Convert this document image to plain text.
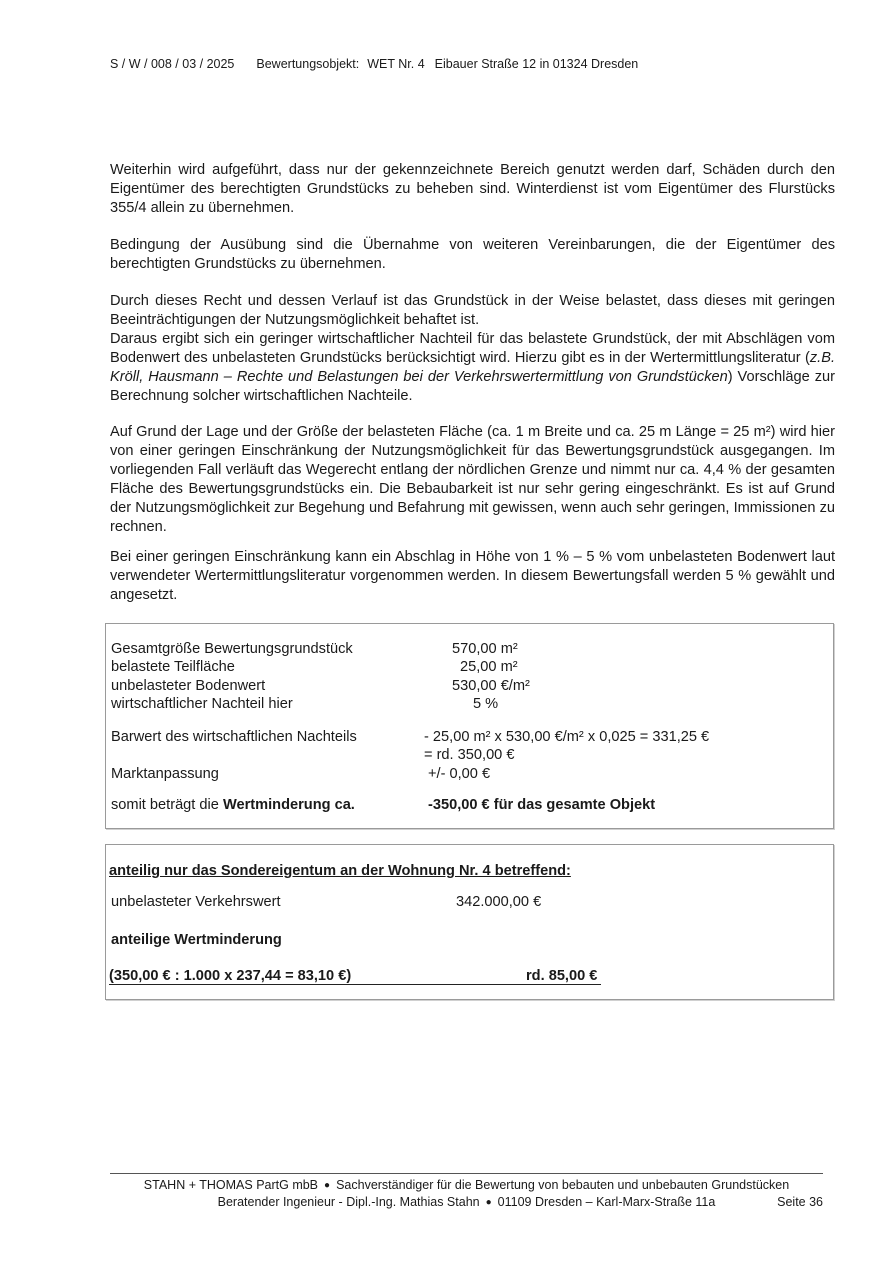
S / W / 008 / 03 / 2025 Bewertungsobjekt: WET Nr. 4 Eibauer Straße 12 in 01324 Dresden
Weiterhin wird aufgeführt, dass nur der gekennzeichnete Bereich genutzt werden darf, Schäden durch den Eigentümer des berechtigten Grundstücks zu beheben sind. Winterdienst ist vom Eigentümer des Flurstücks 355/4 allein zu übernehmen.
Bedingung der Ausübung sind die Übernahme von weiteren Vereinbarungen, die der Eigentümer des berechtigten Grundstücks zu übernehmen.
Durch dieses Recht und dessen Verlauf ist das Grundstück in der Weise belastet, dass dieses mit geringen Beeinträchtigungen der Nutzungsmöglichkeit behaftet ist.
Daraus ergibt sich ein geringer wirtschaftlicher Nachteil für das belastete Grundstück, der mit Abschlägen vom Bodenwert des unbelasteten Grundstücks berücksichtigt wird. Hierzu gibt es in der Wertermittlungsliteratur (z.B. Kröll, Hausmann – Rechte und Belastungen bei der Verkehrswertermittlung von Grundstücken) Vorschläge zur Berechnung solcher wirtschaftlichen Nachteile.
Auf Grund der Lage und der Größe der belasteten Fläche (ca. 1 m Breite und ca. 25 m Länge = 25 m²) wird hier von einer geringen Einschränkung der Nutzungsmöglichkeit für das Bewertungsgrundstück ausgegangen. Im vorliegenden Fall verläuft das Wegerecht entlang der nördlichen Grenze und nimmt nur ca. 4,4 % der gesamten Fläche des Bewertungsgrundstücks ein. Die Bebaubarkeit ist nur sehr gering eingeschränkt. Es ist auf Grund der Nutzungsmöglichkeit zur Begehung und Befahrung mit gewissen, wenn auch sehr geringen, Immissionen zu rechnen.
Bei einer geringen Einschränkung kann ein Abschlag in Höhe von 1 % – 5 % vom unbelasteten Bodenwert laut verwendeter Wertermittlungsliteratur vorgenommen werden. In diesem Bewertungsfall werden 5 % gewählt und angesetzt.
Gesamtgröße Bewertungsgrundstück	570,00 m²
belastete Teilfläche	25,00 m²
unbelasteter Bodenwert	530,00 €/m²
wirtschaftlicher Nachteil hier	5 %
Barwert des wirtschaftlichen Nachteils	- 25,00 m² x 530,00 €/m² x 0,025 = 331,25 €
= rd. 350,00 €
Marktanpassung	+/- 0,00 €
somit beträgt die Wertminderung ca.	-350,00 € für das gesamte Objekt
anteilig nur das Sondereigentum an der Wohnung Nr. 4 betreffend:
unbelasteter Verkehrswert	342.000,00 €
anteilige Wertminderung
(350,00 € : 1.000 x 237,44 = 83,10 €)	rd. 85,00 €
STAHN + THOMAS PartG mbB ● Sachverständiger für die Bewertung von bebauten und unbebauten Grundstücken
Beratender Ingenieur - Dipl.-Ing. Mathias Stahn ● 01109 Dresden – Karl-Marx-Straße 11a	Seite 36
